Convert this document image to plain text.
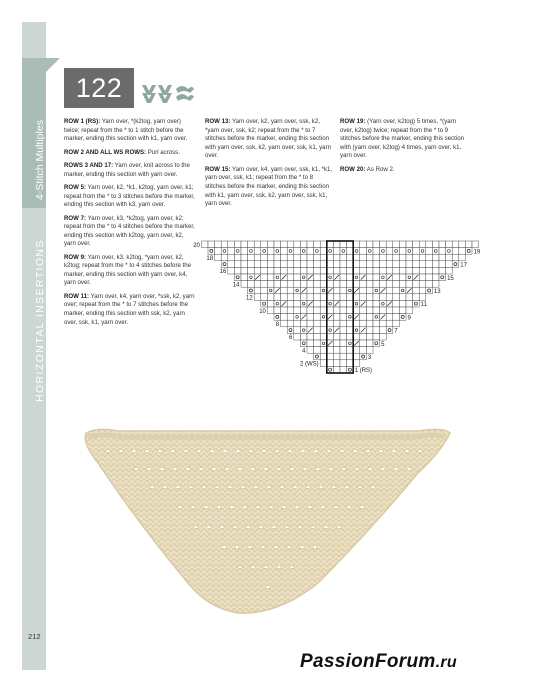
4-Stitch Multiples
HORIZONTAL INSERTIONS
212
122

ROW 1 (RS): Yarn over, *(k2tog, yarn over) twice; repeat from the * to 1 stitch before the marker, ending this section with k1, yarn over.

ROW 2 AND ALL WS ROWS: Purl across.

ROWS 3 AND 17: Yarn over, knit across to the marker, ending this section with yarn over.

ROW 5: Yarn over, k2, *k1, k2tog, yarn over, k1; repeat from the * to 3 stitches before the marker, ending this section with k3, yarn over.

ROW 7: Yarn over, k3, *k2tog, yarn over, k2; repeat from the * to 4 stitches before the marker, ending this section with k2tog, yarn over, k2, yarn over.

ROW 9: Yarn over, k3, k2tog, *yarn over, k2, k2tog; repeat from the * to 4 stitches before the marker, ending this section with yarn over, k4, yarn over.

ROW 11: Yarn over, k4, yarn over, *ssk, k2, yarn over; repeat from the * to 7 stitches before the marker, ending this section with ssk, k2, yarn over, ssk, k1, yarn over.

ROW 13: Yarn over, k2, yarn over, ssk, k2, *yarn over, ssk, k2; repeat from the * to 7 stitches before the marker, ending this section with yarn over, ssk, k2, yarn over, ssk, k1, yarn over.

ROW 15: Yarn over, k4, yarn over, ssk, k1, *k1, yarn over, ssk, k1; repeat from the * to 8 stitches before the marker, ending this section with k1, yarn over, ssk, k2, yarn over, ssk, k1, yarn over.

ROW 19: (Yarn over, k2tog) 5 times, *(yarn over, k2tog) twice; repeat from the * to 9 stitches before the marker, ending this section with (yarn over, k2tog) 4 times, yarn over, k1, yarn over.

ROW 20: As Row 2.

20
18
16
14
12
10
8
6
4
2 (WS)
19
17
15
13
11
9
7
5
3
1 (RS)
PassionForum.ru
